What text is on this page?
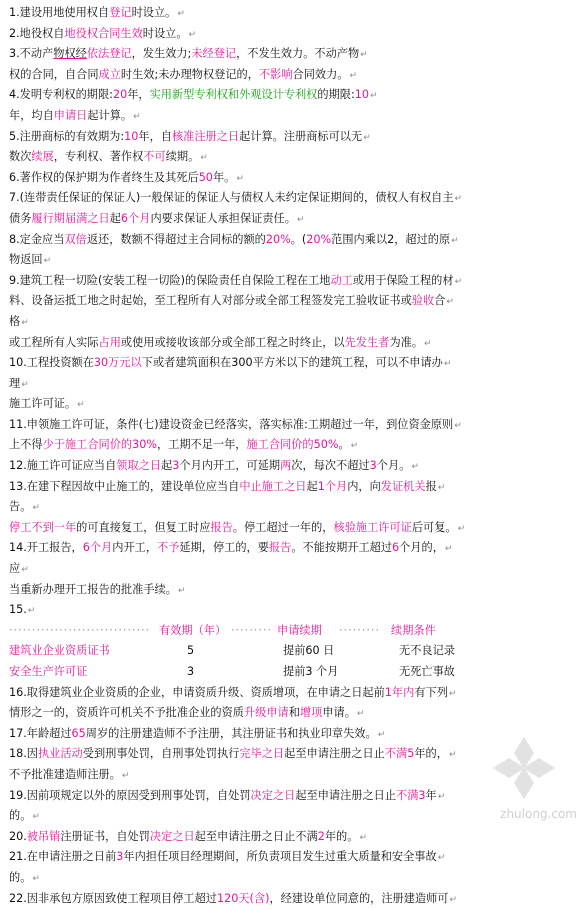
1.建设用地使用权自登记时设立。↵
2.地役权自地役权合同生效时设立。↵
3.不动产物权经依法登记，发生效力;未经登记，不发生效力。不动产物↵
权的合同，自合同成立时生效;未办理物权登记的，不影响合同效力。↵
4.发明专利权的期限:20年，实用新型专利权和外观设计专利权的期限:10↵
年，均自申请日起计算。↵
5.注册商标的有效期为:10年，自核准注册之日起计算。注册商标可以无↵
数次续展，专利权、著作权不可续期。↵
6.著作权的保护期为作者终生及其死后50年。↵
7.(连带责任保证的保证人)一般保证的保证人与债权人未约定保证期间的，债权人有权自主↵
债务履行期届满之日起6个月内要求保证人承担保证责任。↵
8.定金应当双倍返还，数额不得超过主合同标的额的20%。(20%范围内乘以2，超过的原↵
物返回↵
9.建筑工程一切险(安装工程一切险)的保险责任自保险工程在工地动工或用于保险工程的材↵
料、设备运抵工地之时起始，至工程所有人对部分或全部工程签发完工验收证书或验收合↵
格↵
或工程所有人实际占用或使用或接收该部分或全部工程之时终止，以先发生者为准。↵
10.工程投资额在30万元以下或者建筑面积在300平方米以下的建筑工程，可以不申请办↵
理↵
施工许可证。↵
11.申领施工许可证，条件(七)建设资金已经落实，落实标准:工期超过一年，到位资金原则↵
上不得少于施工合同价的30%，工期不足一年，施工合同价的50%。↵
12.施工许可证应当自领取之日起3个月内开工，可延期两次，每次不超过3个月。↵
13.在建下程因故中止施工的，建设单位应当自中止施工之日起1个月内，向发证机关报↵
告。↵
停工不到一年的可直接复工，但复工时应报告。停工超过一年的，核验施工许可证后可复。↵
14.开工报告，6个月内开工，不予延期，停工的，要报告。不能按期开工超过6个月的，↵
应↵
当重新办理开工报告的批准手续。↵
15.↵
······························· 有效期（年） ········· 申请续期 ········· 续期条件
建筑业企业资质证书	5	提前60 日	无不良记录
安全生产许可证	3	提前3 个月	无死亡事故
16.取得建筑业企业资质的企业，申请资质升级、资质增项，在申请之日起前1年内有下列↵
情形之一的，资质许可机关不予批准企业的资质升级申请和增项申请。↵
17.年龄超过65周岁的注册建造师不予注册，其注册证书和执业印章失效。↵
18.因执业活动受到刑事处罚，自刑事处罚执行完毕之日起至申请注册之日止不满5年的，↵
不予批准建造师注册。↵
19.因前项规定以外的原因受到刑事处罚，自处罚决定之日起至申请注册之日止不满3年↵
的。↵
20.被吊销注册证书，自处罚决定之日起至申请注册之日止不满2年的。↵
21.在申请注册之日前3年内担任项目经理期间，所负责项目发生过重大质量和安全事故↵
的。↵
22.因非承包方原因致使工程项目停工超过120天(含)，经建设单位同意的，注册建造师可↵
zhulong.com
